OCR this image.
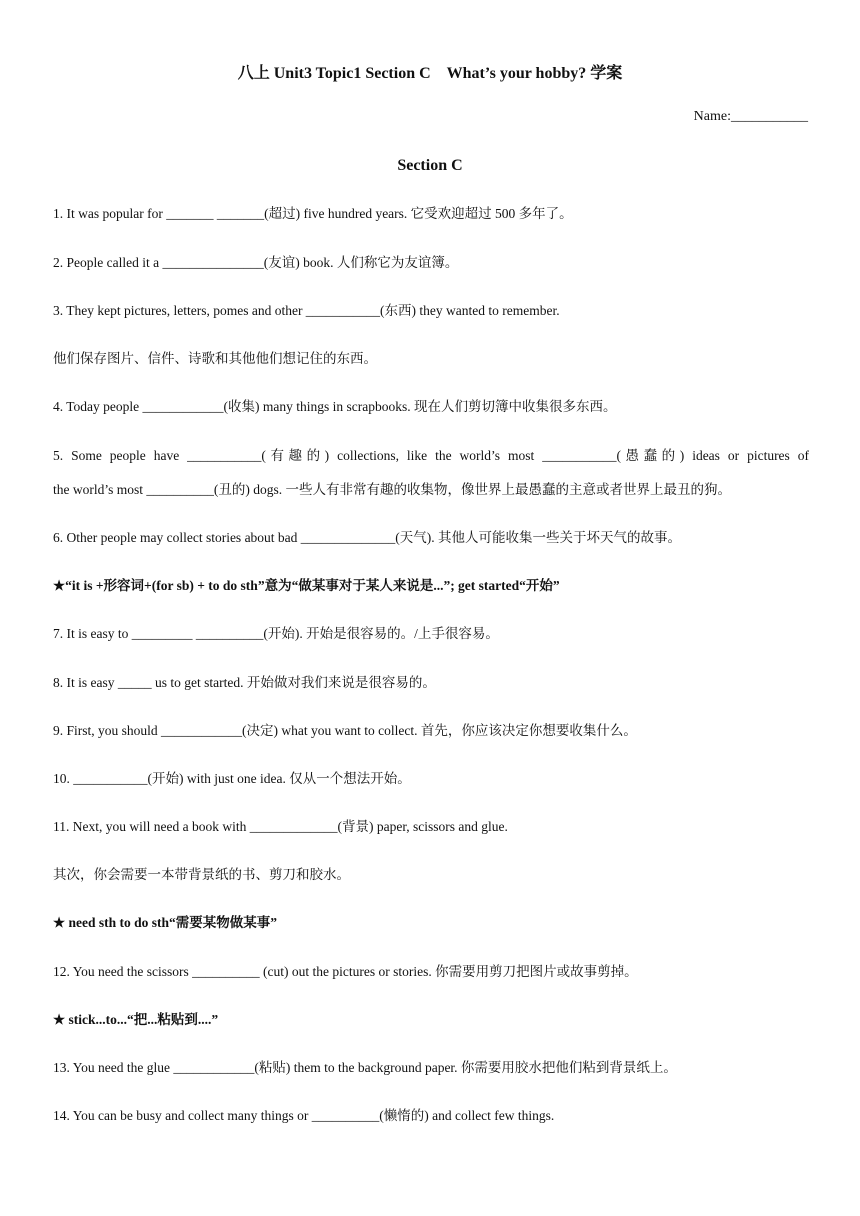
八上 Unit3 Topic1 Section C　What’s your hobby? 学案
Name:___________
Section C
1. It was popular for _______ _______(超过) five hundred years. 它受欢迎超过 500 多年了。
2. People called it a _______________(友谊) book. 人们称它为友谊簿。
3. They kept pictures, letters, pomes and other ___________(东西) they wanted to remember.
他们保存图片、信件、诗歌和其他他们想记住的东西。
4. Today people ____________(收集) many things in scrapbooks. 现在人们剪切簿中收集很多东西。
5. Some people have ___________(有趣的) collections, like the world’s most ___________(愚蠢的) ideas or pictures of
the world’s most __________(丑的) dogs. 一些人有非常有趣的收集物，像世界上最愚蠢的主意或者世界上最丑的狗。
6. Other people may collect stories about bad ______________(天气). 其他人可能收集一些关于坏天气的故事。
★“it is +形容词+(for sb) + to do sth”意为“做某事对于某人来说是...”; get started“开始”
7. It is easy to _________ __________(开始). 开始是很容易的。/上手很容易。
8. It is easy _____ us to get started. 开始做对我们来说是很容易的。
9. First, you should ____________(决定) what you want to collect. 首先，你应该决定你想要收集什么。
10. ___________(开始) with just one idea. 仅从一个想法开始。
11. Next, you will need a book with _____________(背景) paper, scissors and glue.
其次，你会需要一本带背景纸的书、剪刀和胶水。
★ need sth to do sth“需要某物做某事”
12. You need the scissors __________ (cut) out the pictures or stories. 你需要用剪刀把图片或故事剪掉。
★ stick...to...“把...粘贴到....”
13. You need the glue ____________(粘贴) them to the background paper. 你需要用胶水把他们粘到背景纸上。
14. You can be busy and collect many things or __________(懒惰的) and collect few things.
